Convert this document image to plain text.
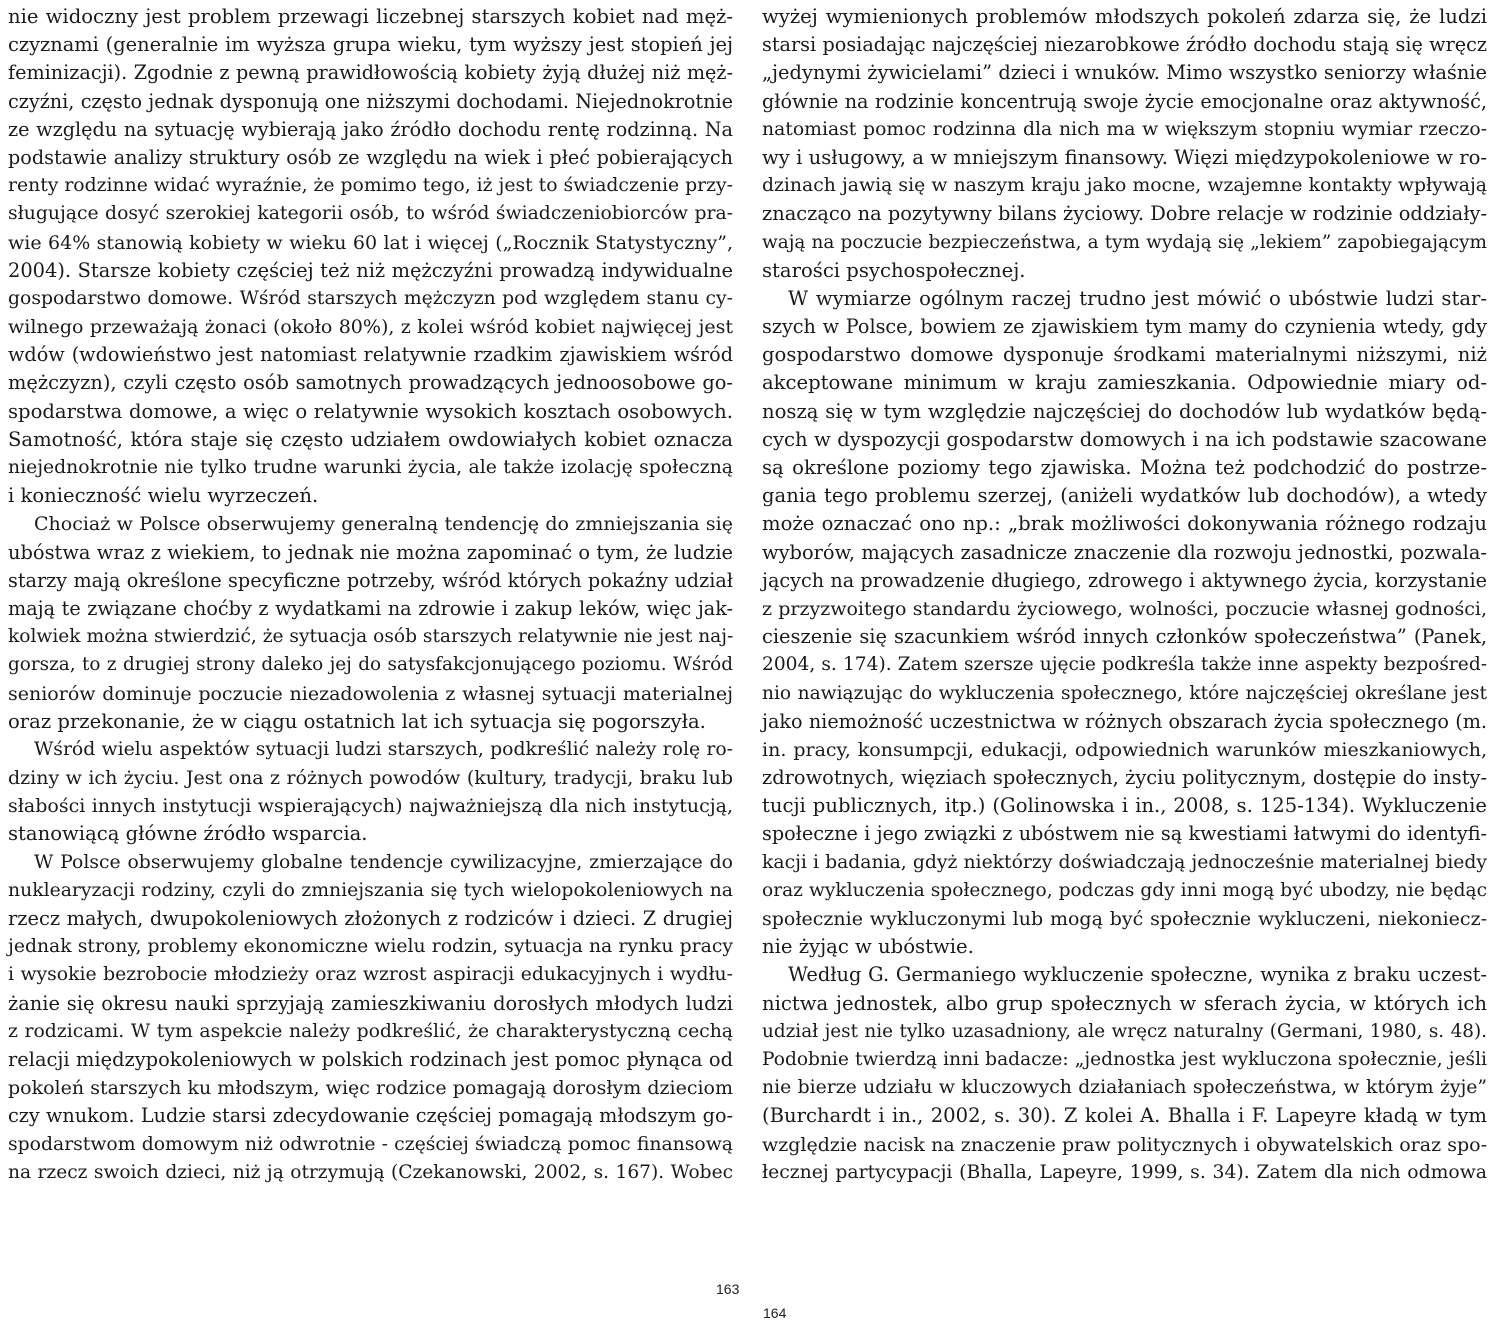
nie widoczny jest problem przewagi liczebnej starszych kobiet nad męż-
czyznami (generalnie im wyższa grupa wieku, tym wyższy jest stopień jej
feminizacji). Zgodnie z pewną prawidłowością kobiety żyją dłużej niż męż-
czyźni, często jednak dysponują one niższymi dochodami. Niejednokrotnie
ze względu na sytuację wybierają jako źródło dochodu rentę rodzinną. Na
podstawie analizy struktury osób ze względu na wiek i płeć pobierających
renty rodzinne widać wyraźnie, że pomimo tego, iż jest to świadczenie przy-
sługujące dosyć szerokiej kategorii osób, to wśród świadczeniobiorców pra-
wie 64% stanowią kobiety w wieku 60 lat i więcej („Rocznik Statystyczny”,
2004). Starsze kobiety częściej też niż mężczyźni prowadzą indywidualne
gospodarstwo domowe. Wśród starszych mężczyzn pod względem stanu cy-
wilnego przeważają żonaci (około 80%), z kolei wśród kobiet najwięcej jest
wdów (wdowieństwo jest natomiast relatywnie rzadkim zjawiskiem wśród
mężczyzn), czyli często osób samotnych prowadzących jednoosobowe go-
spodarstwa domowe, a więc o relatywnie wysokich kosztach osobowych.
Samotność, która staje się często udziałem owdowiałych kobiet oznacza
niejednokrotnie nie tylko trudne warunki życia, ale także izolację społeczną
i konieczność wielu wyrzeczeń.
Chociaż w Polsce obserwujemy generalną tendencję do zmniejszania się
ubóstwa wraz z wiekiem, to jednak nie można zapominać o tym, że ludzie
starzy mają określone specyficzne potrzeby, wśród których pokaźny udział
mają te związane choćby z wydatkami na zdrowie i zakup leków, więc jak-
kolwiek można stwierdzić, że sytuacja osób starszych relatywnie nie jest naj-
gorsza, to z drugiej strony daleko jej do satysfakcjonującego poziomu. Wśród
seniorów dominuje poczucie niezadowolenia z własnej sytuacji materialnej
oraz przekonanie, że w ciągu ostatnich lat ich sytuacja się pogorszyła.
Wśród wielu aspektów sytuacji ludzi starszych, podkreślić należy rolę ro-
dziny w ich życiu. Jest ona z różnych powodów (kultury, tradycji, braku lub
słabości innych instytucji wspierających) najważniejszą dla nich instytucją,
stanowiącą główne źródło wsparcia.
W Polsce obserwujemy globalne tendencje cywilizacyjne, zmierzające do
nuklearyzacji rodziny, czyli do zmniejszania się tych wielopokoleniowych na
rzecz małych, dwupokoleniowych złożonych z rodziców i dzieci. Z drugiej
jednak strony, problemy ekonomiczne wielu rodzin, sytuacja na rynku pracy
i wysokie bezrobocie młodzieży oraz wzrost aspiracji edukacyjnych i wydłu-
żanie się okresu nauki sprzyjają zamieszkiwaniu dorosłych młodych ludzi
z rodzicami. W tym aspekcie należy podkreślić, że charakterystyczną cechą
relacji międzypokoleniowych w polskich rodzinach jest pomoc płynąca od
pokoleń starszych ku młodszym, więc rodzice pomagają dorosłym dzieciom
czy wnukom. Ludzie starsi zdecydowanie częściej pomagają młodszym go-
spodarstwom domowym niż odwrotnie - częściej świadczą pomoc finansową
na rzecz swoich dzieci, niż ją otrzymują (Czekanowski, 2002, s. 167). Wobec
wyżej wymienionych problemów młodszych pokoleń zdarza się, że ludzi
starsi posiadając najczęściej niezarobkowe źródło dochodu stają się wręcz
„jedynymi żywicielami” dzieci i wnuków. Mimo wszystko seniorzy właśnie
głównie na rodzinie koncentrują swoje życie emocjonalne oraz aktywność,
natomiast pomoc rodzinna dla nich ma w większym stopniu wymiar rzeczo-
wy i usługowy, a w mniejszym finansowy. Więzi międzypokoleniowe w ro-
dzinach jawią się w naszym kraju jako mocne, wzajemne kontakty wpływają
znacząco na pozytywny bilans życiowy. Dobre relacje w rodzinie oddziały-
wają na poczucie bezpieczeństwa, a tym wydają się „lekiem” zapobiegającym
starości psychospołecznej.
W wymiarze ogólnym raczej trudno jest mówić o ubóstwie ludzi star-
szych w Polsce, bowiem ze zjawiskiem tym mamy do czynienia wtedy, gdy
gospodarstwo domowe dysponuje środkami materialnymi niższymi, niż
akceptowane minimum w kraju zamieszkania. Odpowiednie miary od-
noszą się w tym względzie najczęściej do dochodów lub wydatków będą-
cych w dyspozycji gospodarstw domowych i na ich podstawie szacowane
są określone poziomy tego zjawiska. Można też podchodzić do postrze-
gania tego problemu szerzej, (aniżeli wydatków lub dochodów), a wtedy
może oznaczać ono np.: „brak możliwości dokonywania różnego rodzaju
wyborów, mających zasadnicze znaczenie dla rozwoju jednostki, pozwala-
jących na prowadzenie długiego, zdrowego i aktywnego życia, korzystanie
z przyzwoitego standardu życiowego, wolności, poczucie własnej godności,
cieszenie się szacunkiem wśród innych członków społeczeństwa” (Panek,
2004, s. 174). Zatem szersze ujęcie podkreśla także inne aspekty bezpośred-
nio nawiązując do wykluczenia społecznego, które najczęściej określane jest
jako niemożność uczestnictwa w różnych obszarach życia społecznego (m.
in. pracy, konsumpcji, edukacji, odpowiednich warunków mieszkaniowych,
zdrowotnych, więziach społecznych, życiu politycznym, dostępie do insty-
tucji publicznych, itp.) (Golinowska i in., 2008, s. 125-134). Wykluczenie
społeczne i jego związki z ubóstwem nie są kwestiami łatwymi do identyfi-
kacji i badania, gdyż niektórzy doświadczają jednocześnie materialnej biedy
oraz wykluczenia społecznego, podczas gdy inni mogą być ubodzy, nie będąc
społecznie wykluczonymi lub mogą być społecznie wykluczeni, niekoniecz-
nie żyjąc w ubóstwie.
Według G. Germaniego wykluczenie społeczne, wynika z braku uczest-
nictwa jednostek, albo grup społecznych w sferach życia, w których ich
udział jest nie tylko uzasadniony, ale wręcz naturalny (Germani, 1980, s. 48).
Podobnie twierdzą inni badacze: „jednostka jest wykluczona społecznie, jeśli
nie bierze udziału w kluczowych działaniach społeczeństwa, w którym żyje”
(Burchardt i in., 2002, s. 30). Z kolei A. Bhalla i F. Lapeyre kładą w tym
względzie nacisk na znaczenie praw politycznych i obywatelskich oraz spo-
łecznej partycypacji (Bhalla, Lapeyre, 1999, s. 34). Zatem dla nich odmowa
163
164
